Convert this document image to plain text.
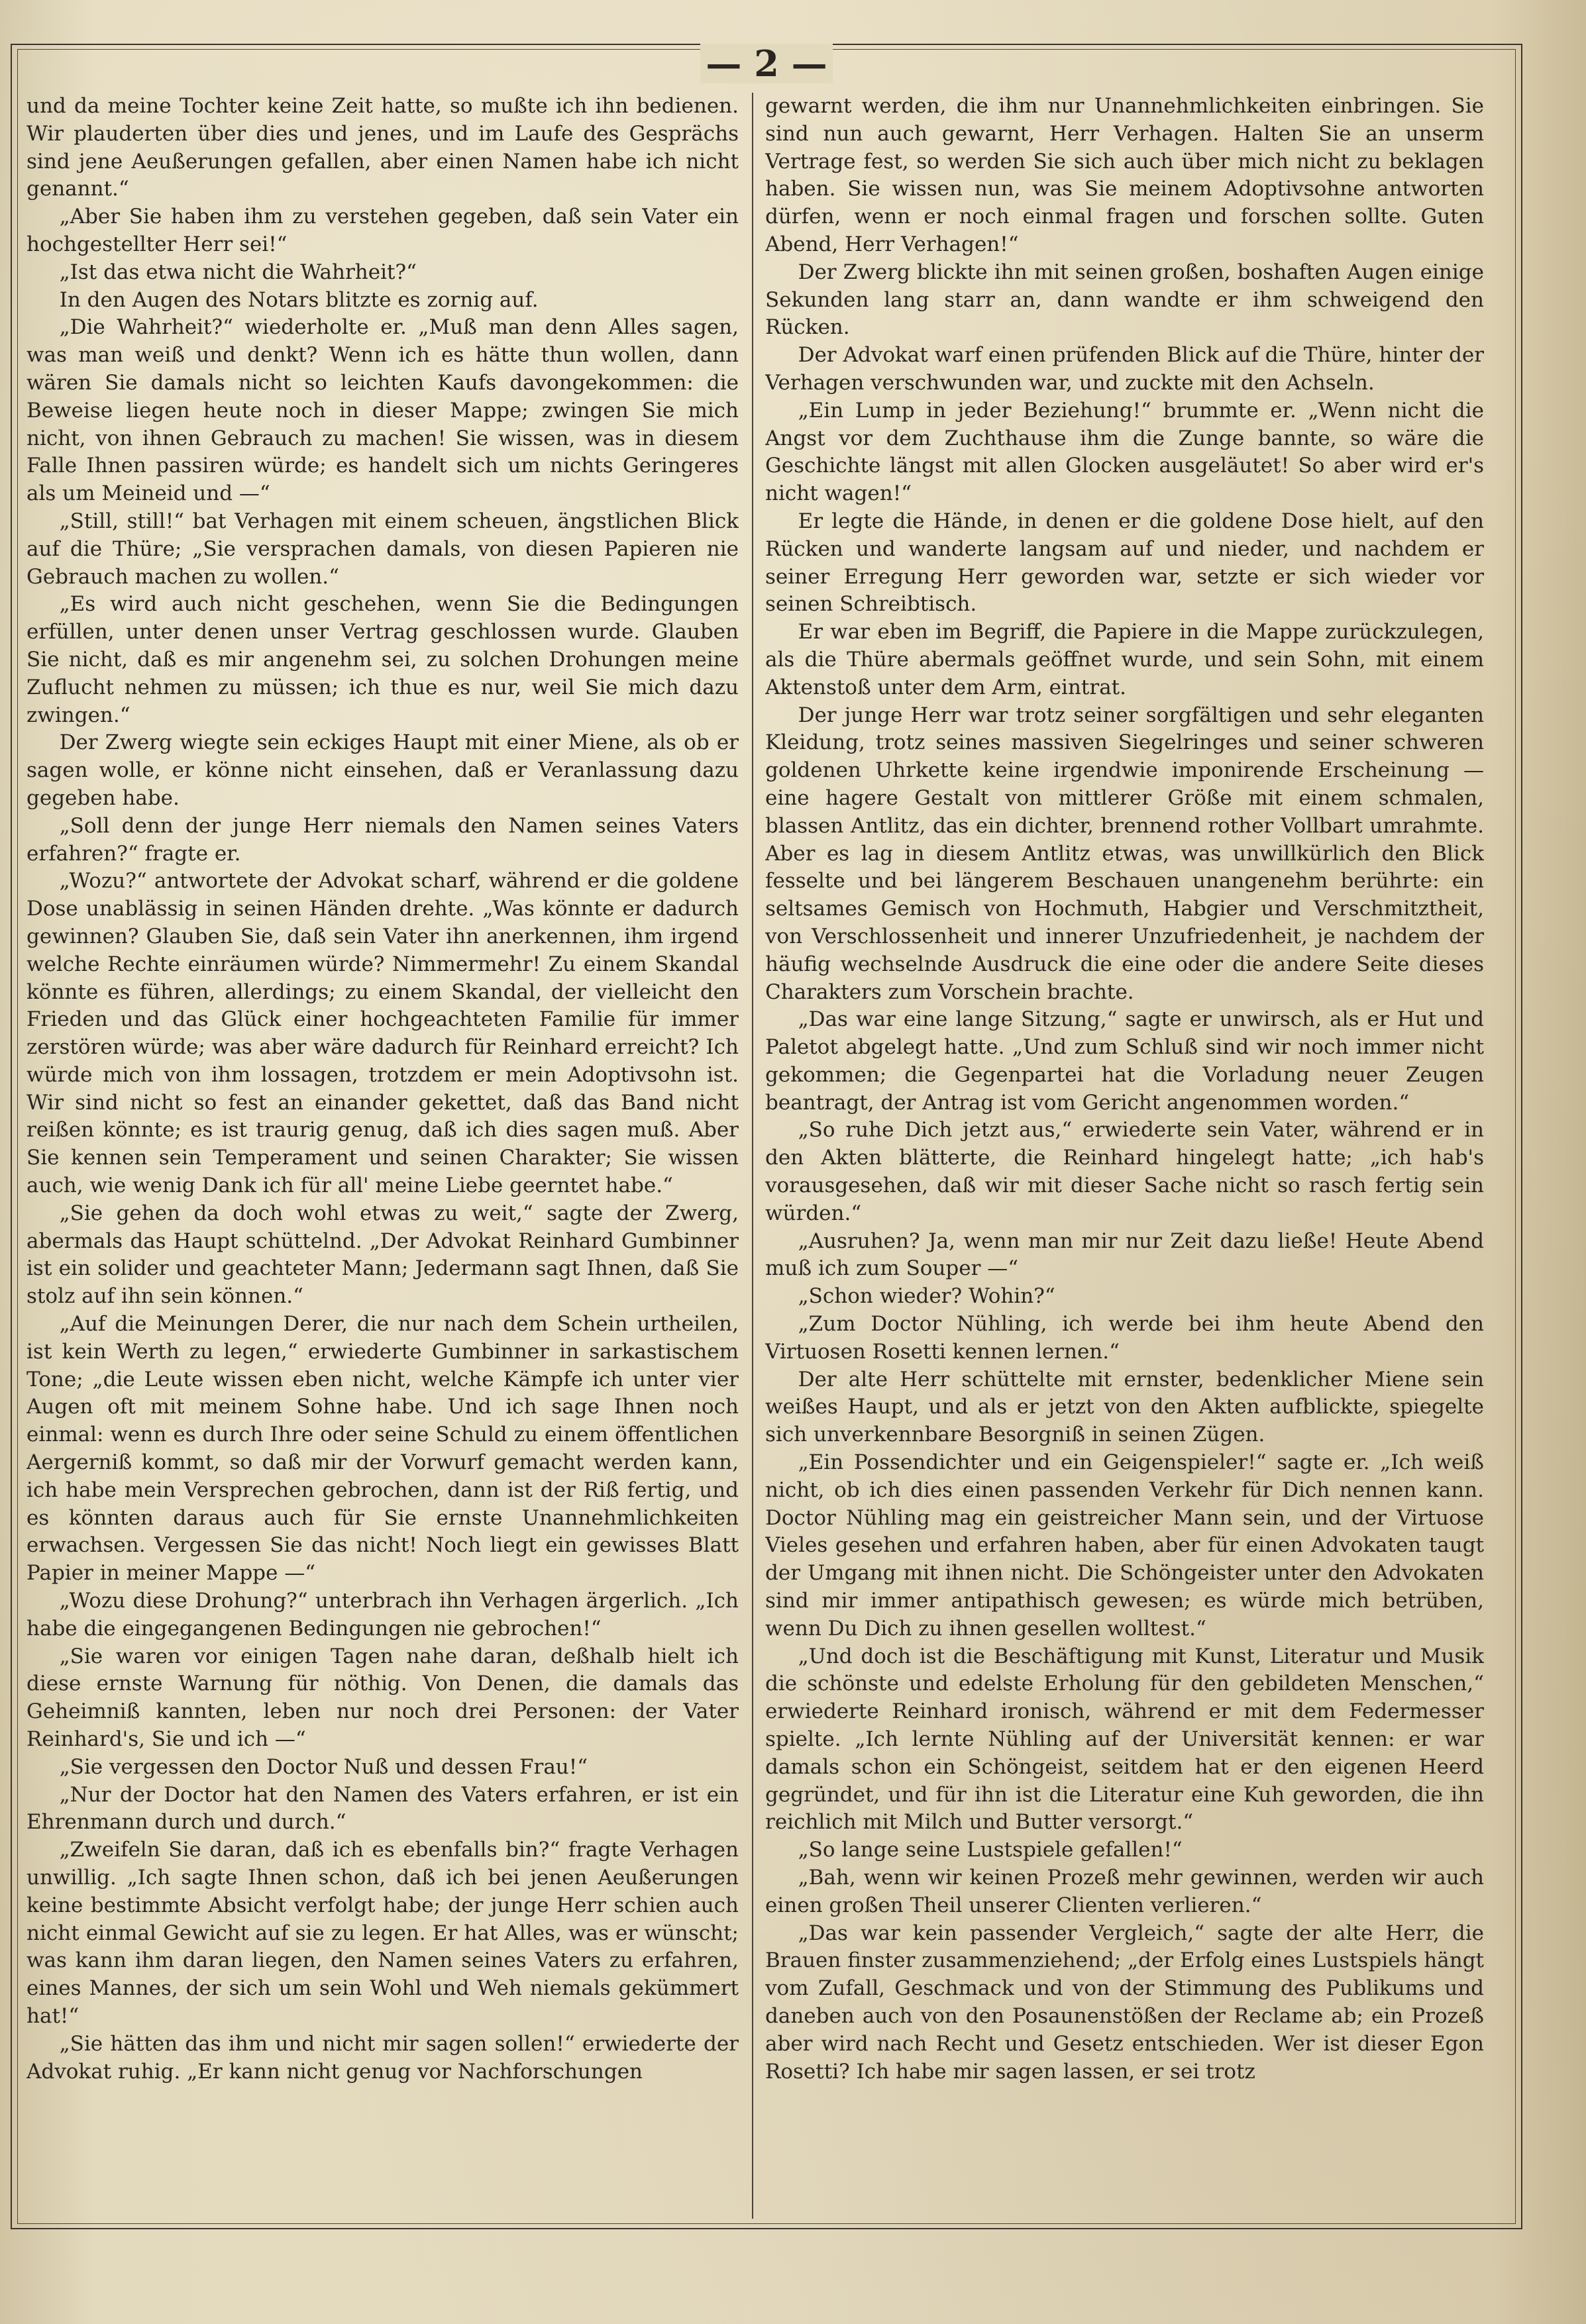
— 2 —

und da meine Tochter keine Zeit hatte, so mußte ich ihn bedienen. Wir plauderten über dies und jenes, und im Laufe des Gesprächs sind jene Aeußerungen gefallen, aber einen Namen habe ich nicht genannt.“

„Aber Sie haben ihm zu verstehen gegeben, daß sein Vater ein hochgestellter Herr sei!“

„Ist das etwa nicht die Wahrheit?“

In den Augen des Notars blitzte es zornig auf.

„Die Wahrheit?“ wiederholte er. „Muß man denn Alles sagen, was man weiß und denkt? Wenn ich es hätte thun wollen, dann wären Sie damals nicht so leichten Kaufs davongekommen: die Beweise liegen heute noch in dieser Mappe; zwingen Sie mich nicht, von ihnen Gebrauch zu machen! Sie wissen, was in diesem Falle Ihnen passiren würde; es handelt sich um nichts Geringeres als um Meineid und —“

„Still, still!“ bat Verhagen mit einem scheuen, ängstlichen Blick auf die Thüre; „Sie versprachen damals, von diesen Papieren nie Gebrauch machen zu wollen.“

„Es wird auch nicht geschehen, wenn Sie die Bedingungen erfüllen, unter denen unser Vertrag geschlossen wurde. Glauben Sie nicht, daß es mir angenehm sei, zu solchen Drohungen meine Zuflucht nehmen zu müssen; ich thue es nur, weil Sie mich dazu zwingen.“

Der Zwerg wiegte sein eckiges Haupt mit einer Miene, als ob er sagen wolle, er könne nicht einsehen, daß er Veranlassung dazu gegeben habe.

„Soll denn der junge Herr niemals den Namen seines Vaters erfahren?“ fragte er.

„Wozu?“ antwortete der Advokat scharf, während er die goldene Dose unablässig in seinen Händen drehte. „Was könnte er dadurch gewinnen? Glauben Sie, daß sein Vater ihn anerkennen, ihm irgend welche Rechte einräumen würde? Nimmermehr! Zu einem Skandal könnte es führen, allerdings; zu einem Skandal, der vielleicht den Frieden und das Glück einer hochgeachteten Familie für immer zerstören würde; was aber wäre dadurch für Reinhard erreicht? Ich würde mich von ihm lossagen, trotzdem er mein Adoptivsohn ist. Wir sind nicht so fest an einander gekettet, daß das Band nicht reißen könnte; es ist traurig genug, daß ich dies sagen muß. Aber Sie kennen sein Temperament und seinen Charakter; Sie wissen auch, wie wenig Dank ich für all' meine Liebe geerntet habe.“

„Sie gehen da doch wohl etwas zu weit,“ sagte der Zwerg, abermals das Haupt schüttelnd. „Der Advokat Reinhard Gumbinner ist ein solider und geachteter Mann; Jedermann sagt Ihnen, daß Sie stolz auf ihn sein können.“

„Auf die Meinungen Derer, die nur nach dem Schein urtheilen, ist kein Werth zu legen,“ erwiederte Gumbinner in sarkastischem Tone; „die Leute wissen eben nicht, welche Kämpfe ich unter vier Augen oft mit meinem Sohne habe. Und ich sage Ihnen noch einmal: wenn es durch Ihre oder seine Schuld zu einem öffentlichen Aergerniß kommt, so daß mir der Vorwurf gemacht werden kann, ich habe mein Versprechen gebrochen, dann ist der Riß fertig, und es könnten daraus auch für Sie ernste Unannehmlichkeiten erwachsen. Vergessen Sie das nicht! Noch liegt ein gewisses Blatt Papier in meiner Mappe —“

„Wozu diese Drohung?“ unterbrach ihn Verhagen ärgerlich. „Ich habe die eingegangenen Bedingungen nie gebrochen!“

„Sie waren vor einigen Tagen nahe daran, deßhalb hielt ich diese ernste Warnung für nöthig. Von Denen, die damals das Geheimniß kannten, leben nur noch drei Personen: der Vater Reinhard's, Sie und ich —“

„Sie vergessen den Doctor Nuß und dessen Frau!“

„Nur der Doctor hat den Namen des Vaters erfahren, er ist ein Ehrenmann durch und durch.“

„Zweifeln Sie daran, daß ich es ebenfalls bin?“ fragte Verhagen unwillig. „Ich sagte Ihnen schon, daß ich bei jenen Aeußerungen keine bestimmte Absicht verfolgt habe; der junge Herr schien auch nicht einmal Gewicht auf sie zu legen. Er hat Alles, was er wünscht; was kann ihm daran liegen, den Namen seines Vaters zu erfahren, eines Mannes, der sich um sein Wohl und Weh niemals gekümmert hat!“

„Sie hätten das ihm und nicht mir sagen sollen!“ erwiederte der Advokat ruhig. „Er kann nicht genug vor Nachforschungen

gewarnt werden, die ihm nur Unannehmlichkeiten einbringen. Sie sind nun auch gewarnt, Herr Verhagen. Halten Sie an unserm Vertrage fest, so werden Sie sich auch über mich nicht zu beklagen haben. Sie wissen nun, was Sie meinem Adoptivsohne antworten dürfen, wenn er noch einmal fragen und forschen sollte. Guten Abend, Herr Verhagen!“

Der Zwerg blickte ihn mit seinen großen, boshaften Augen einige Sekunden lang starr an, dann wandte er ihm schweigend den Rücken.

Der Advokat warf einen prüfenden Blick auf die Thüre, hinter der Verhagen verschwunden war, und zuckte mit den Achseln.

„Ein Lump in jeder Beziehung!“ brummte er. „Wenn nicht die Angst vor dem Zuchthause ihm die Zunge bannte, so wäre die Geschichte längst mit allen Glocken ausgeläutet! So aber wird er's nicht wagen!“

Er legte die Hände, in denen er die goldene Dose hielt, auf den Rücken und wanderte langsam auf und nieder, und nachdem er seiner Erregung Herr geworden war, setzte er sich wieder vor seinen Schreibtisch.

Er war eben im Begriff, die Papiere in die Mappe zurückzulegen, als die Thüre abermals geöffnet wurde, und sein Sohn, mit einem Aktenstoß unter dem Arm, eintrat.

Der junge Herr war trotz seiner sorgfältigen und sehr eleganten Kleidung, trotz seines massiven Siegelringes und seiner schweren goldenen Uhrkette keine irgendwie imponirende Erscheinung — eine hagere Gestalt von mittlerer Größe mit einem schmalen, blassen Antlitz, das ein dichter, brennend rother Vollbart umrahmte. Aber es lag in diesem Antlitz etwas, was unwillkürlich den Blick fesselte und bei längerem Beschauen unangenehm berührte: ein seltsames Gemisch von Hochmuth, Habgier und Verschmitztheit, von Verschlossenheit und innerer Unzufriedenheit, je nachdem der häufig wechselnde Ausdruck die eine oder die andere Seite dieses Charakters zum Vorschein brachte.

„Das war eine lange Sitzung,“ sagte er unwirsch, als er Hut und Paletot abgelegt hatte. „Und zum Schluß sind wir noch immer nicht gekommen; die Gegenpartei hat die Vorladung neuer Zeugen beantragt, der Antrag ist vom Gericht angenommen worden.“

„So ruhe Dich jetzt aus,“ erwiederte sein Vater, während er in den Akten blätterte, die Reinhard hingelegt hatte; „ich hab's vorausgesehen, daß wir mit dieser Sache nicht so rasch fertig sein würden.“

„Ausruhen? Ja, wenn man mir nur Zeit dazu ließe! Heute Abend muß ich zum Souper —“

„Schon wieder? Wohin?“

„Zum Doctor Nühling, ich werde bei ihm heute Abend den Virtuosen Rosetti kennen lernen.“

Der alte Herr schüttelte mit ernster, bedenklicher Miene sein weißes Haupt, und als er jetzt von den Akten aufblickte, spiegelte sich unverkennbare Besorgniß in seinen Zügen.

„Ein Possendichter und ein Geigenspieler!“ sagte er. „Ich weiß nicht, ob ich dies einen passenden Verkehr für Dich nennen kann. Doctor Nühling mag ein geistreicher Mann sein, und der Virtuose Vieles gesehen und erfahren haben, aber für einen Advokaten taugt der Umgang mit ihnen nicht. Die Schöngeister unter den Advokaten sind mir immer antipathisch gewesen; es würde mich betrüben, wenn Du Dich zu ihnen gesellen wolltest.“

„Und doch ist die Beschäftigung mit Kunst, Literatur und Musik die schönste und edelste Erholung für den gebildeten Menschen,“ erwiederte Reinhard ironisch, während er mit dem Federmesser spielte. „Ich lernte Nühling auf der Universität kennen: er war damals schon ein Schöngeist, seitdem hat er den eigenen Heerd gegründet, und für ihn ist die Literatur eine Kuh geworden, die ihn reichlich mit Milch und Butter versorgt.“

„So lange seine Lustspiele gefallen!“

„Bah, wenn wir keinen Prozeß mehr gewinnen, werden wir auch einen großen Theil unserer Clienten verlieren.“

„Das war kein passender Vergleich,“ sagte der alte Herr, die Brauen finster zusammenziehend; „der Erfolg eines Lustspiels hängt vom Zufall, Geschmack und von der Stimmung des Publikums und daneben auch von den Posaunenstößen der Reclame ab; ein Prozeß aber wird nach Recht und Gesetz entschieden. Wer ist dieser Egon Rosetti? Ich habe mir sagen lassen, er sei trotz
